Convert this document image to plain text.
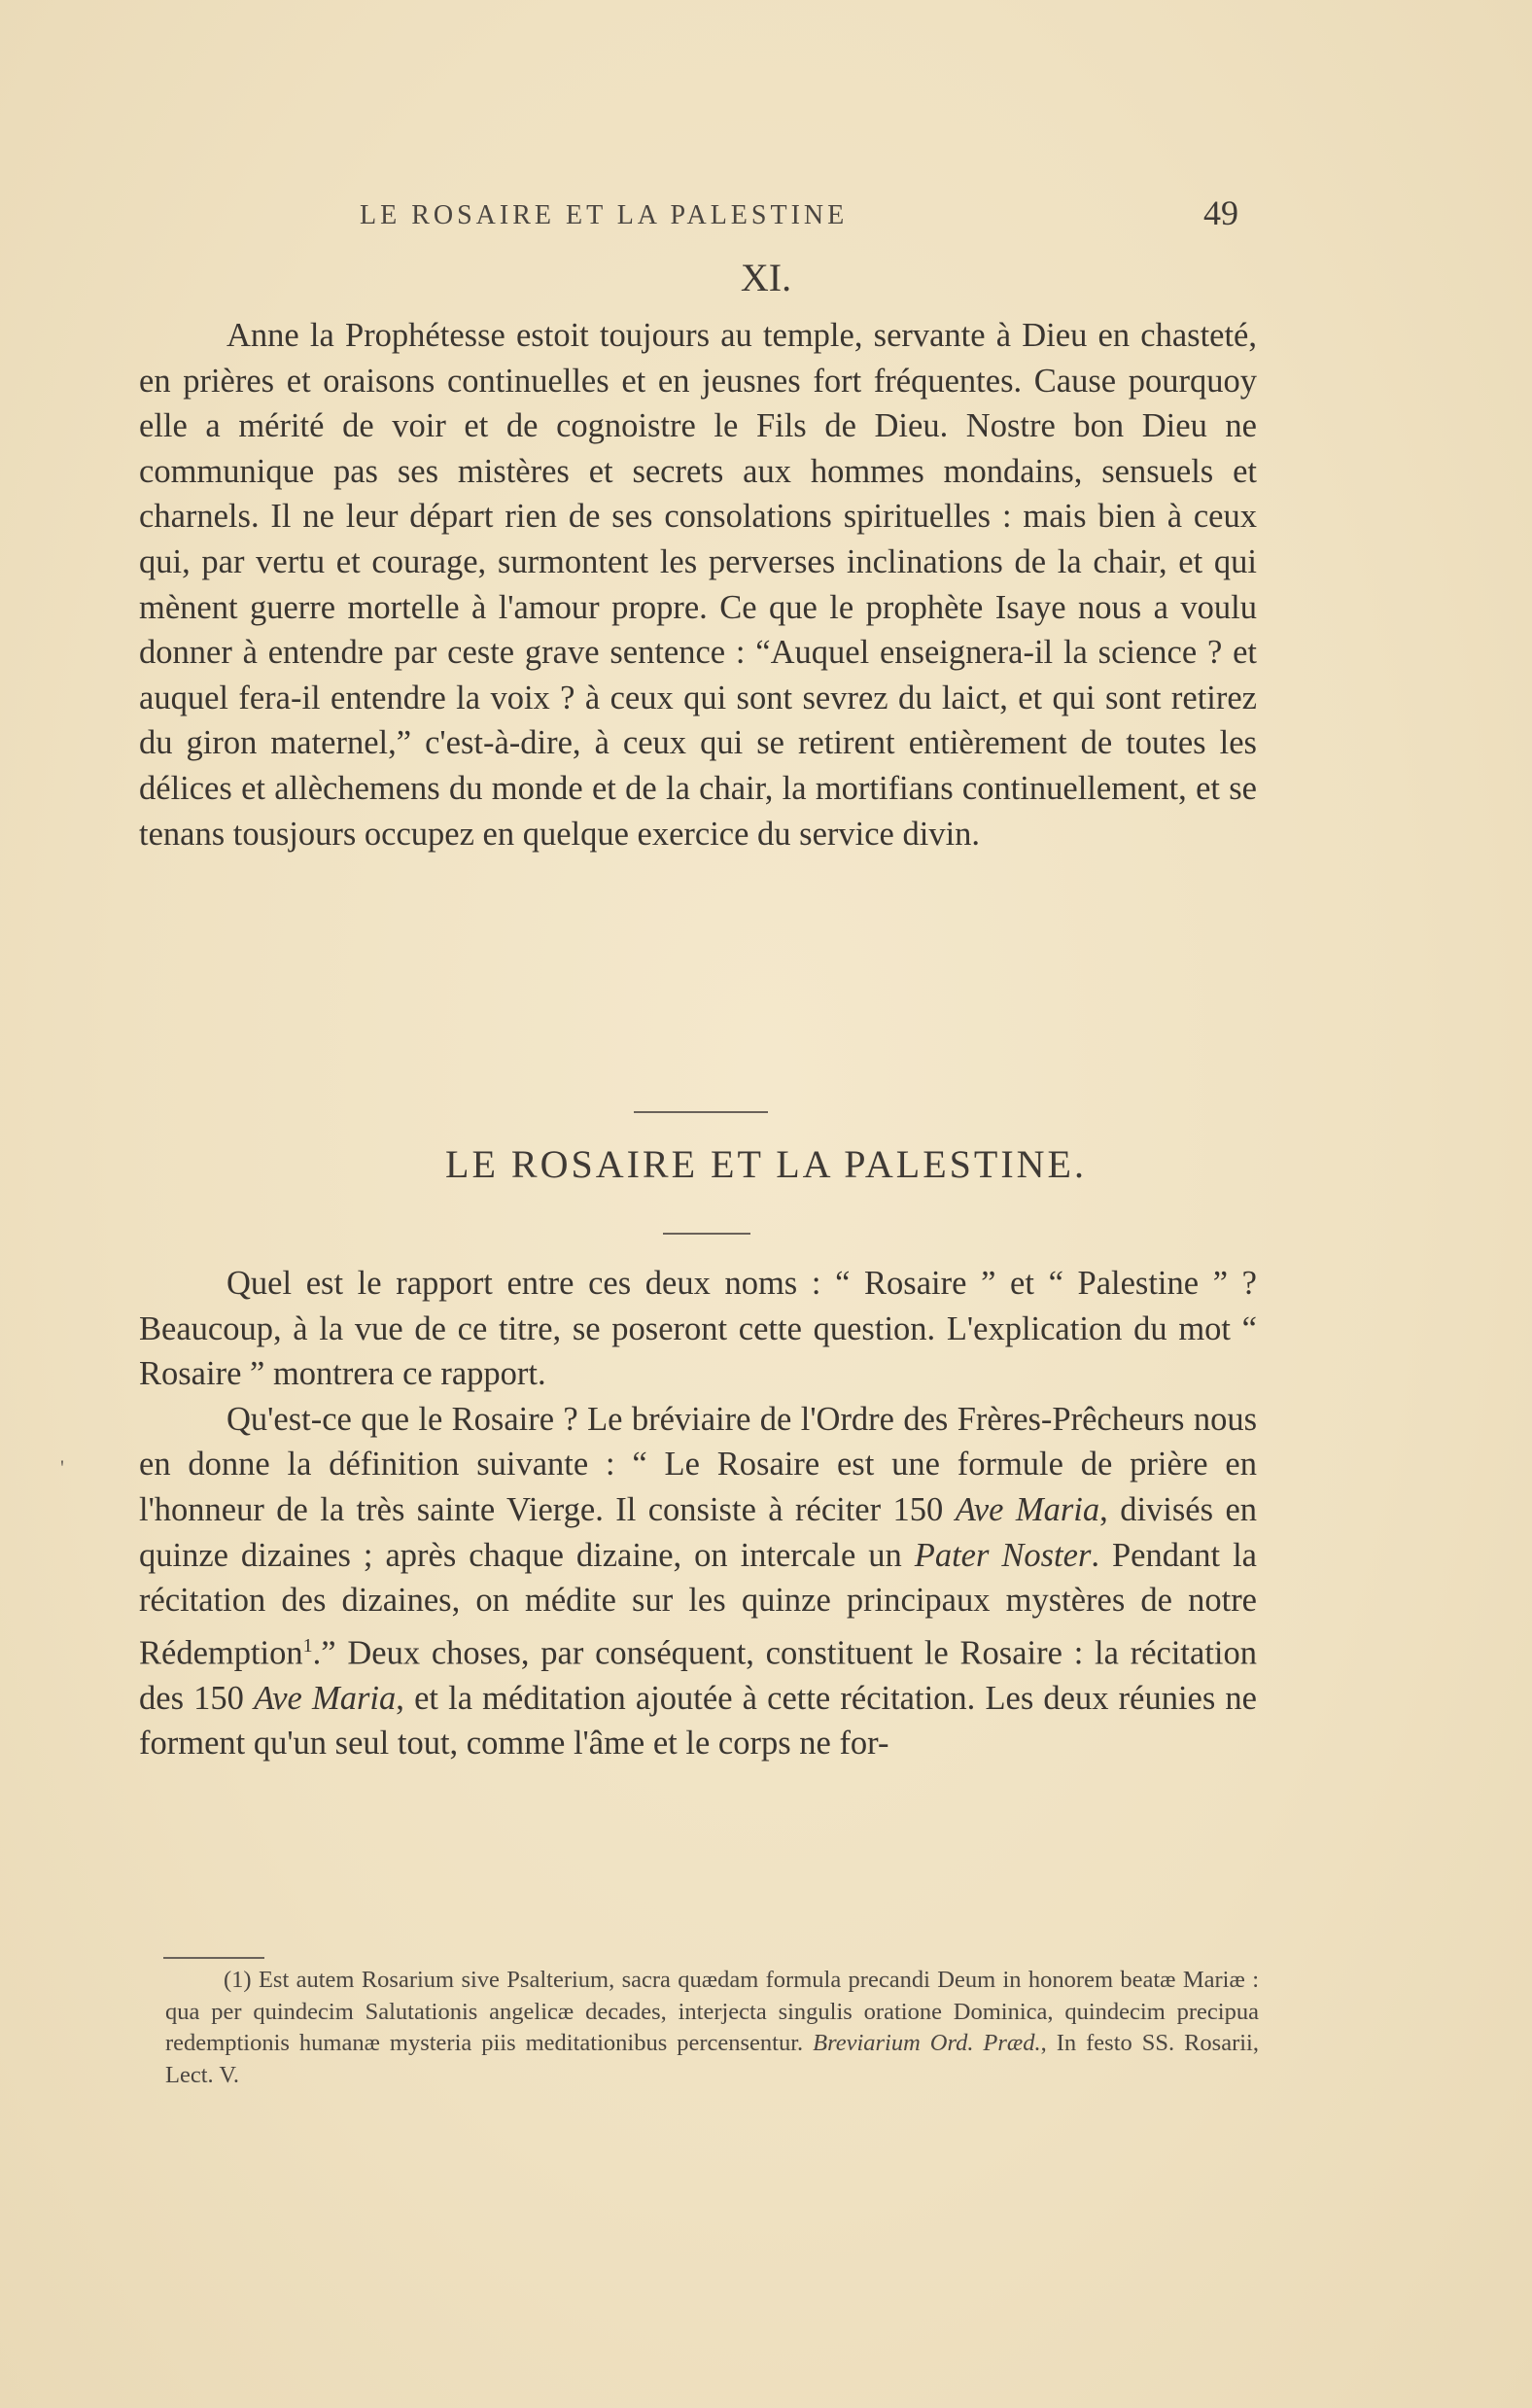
LE ROSAIRE ET LA PALESTINE	49
XI.

Anne la Prophétesse estoit toujours au temple, servante à Dieu en chasteté, en prières et oraisons continuelles et en jeusnes fort fréquentes. Cause pourquoy elle a mérité de voir et de cognoistre le Fils de Dieu. Nostre bon Dieu ne communique pas ses mistères et secrets aux hommes mondains, sensuels et charnels. Il ne leur départ rien de ses consolations spirituelles : mais bien à ceux qui, par vertu et courage, surmontent les perverses inclinations de la chair, et qui mènent guerre mortelle à l'amour propre. Ce que le prophète Isaye nous a voulu donner à entendre par ceste grave sentence : “Auquel enseignera-il la science ? et auquel fera-il entendre la voix ? à ceux qui sont sevrez du laict, et qui sont retirez du giron maternel,” c'est-à-dire, à ceux qui se retirent entièrement de toutes les délices et allèchemens du monde et de la chair, la mortifians continuellement, et se tenans tousjours occupez en quelque exercice du service divin.

LE ROSAIRE ET LA PALESTINE.
'

Quel est le rapport entre ces deux noms : “ Rosaire ” et “ Palestine ” ? Beaucoup, à la vue de ce titre, se poseront cette question. L'explication du mot “ Rosaire ” montrera ce rapport.

Qu'est-ce que le Rosaire ? Le bréviaire de l'Ordre des Frères-Prêcheurs nous en donne la définition suivante : “ Le Rosaire est une formule de prière en l'honneur de la très sainte Vierge. Il consiste à réciter 150 Ave Maria, divisés en quinze dizaines ; après chaque dizaine, on intercale un Pater Noster. Pendant la récitation des dizaines, on médite sur les quinze principaux mystères de notre Rédemption$^1$.” Deux choses, par conséquent, constituent le Rosaire : la récitation des 150 Ave Maria, et la méditation ajoutée à cette récitation. Les deux réunies ne forment qu'un seul tout, comme l'âme et le corps ne for-

(1) Est autem Rosarium sive Psalterium, sacra quædam formula precandi Deum in honorem beatæ Mariæ : qua per quindecim Salutationis angelicæ decades, interjecta singulis oratione Dominica, quindecim precipua redemptionis humanæ mysteria piis meditationibus percensentur. Breviarium Ord. Præd., In festo SS. Rosarii, Lect. V.
